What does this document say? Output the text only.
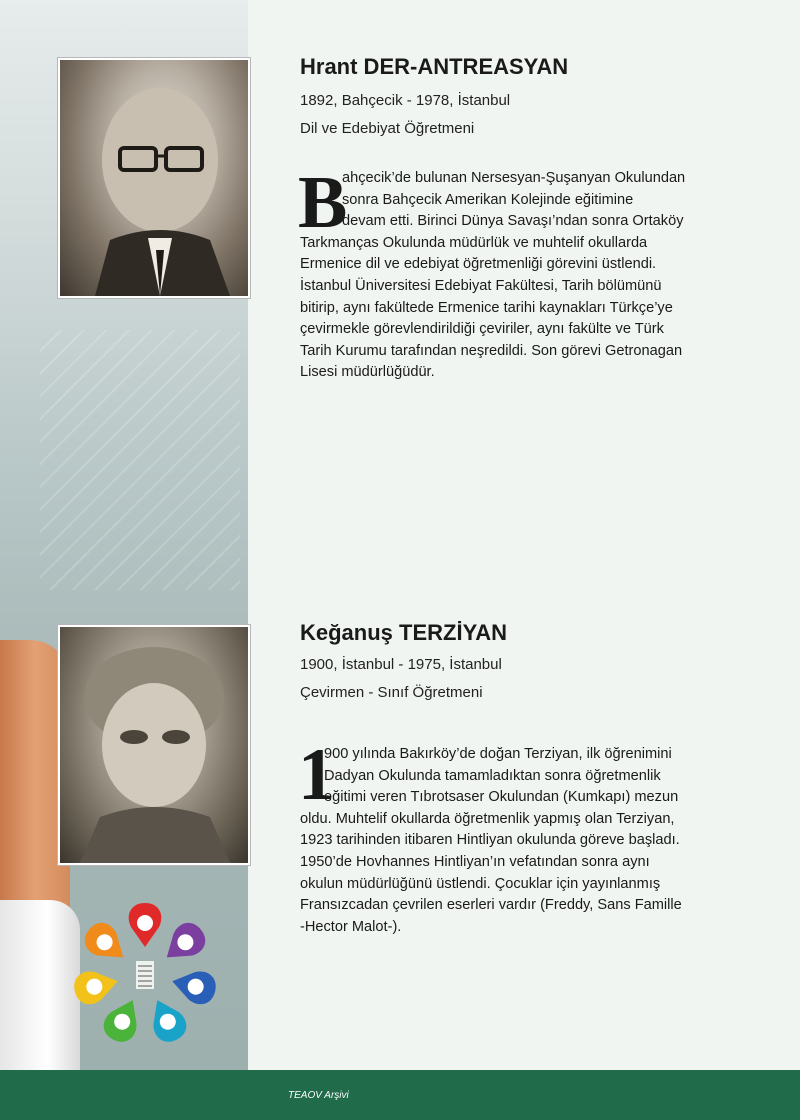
Hrant DER-ANTREASYAN
1892, Bahçecik - 1978, İstanbul
Dil ve Edebiyat Öğretmeni
B
ahçecik’de bulunan Nersesyan-Şuşanyan Okulundan
sonra Bahçecik Amerikan Kolejinde eğitimine
devam etti. Birinci Dünya Savaşı’ndan sonra Ortaköy
Tarkmanças Okulunda müdürlük ve muhtelif okullarda
Ermenice dil ve edebiyat öğretmenliği görevini üstlendi.
İstanbul Üniversitesi Edebiyat Fakültesi, Tarih bölümünü
bitirip, aynı fakültede Ermenice tarihi kaynakları Türkçe’ye
çevirmekle görevlendirildiği çeviriler, aynı fakülte ve Türk
Tarih Kurumu tarafından neşredildi. Son görevi Getronagan
Lisesi müdürlüğüdür.
Keğanuş TERZİYAN
1900, İstanbul - 1975, İstanbul
Çevirmen - Sınıf Öğretmeni
1
900 yılında Bakırköy’de doğan Terziyan, ilk öğrenimini
Dadyan Okulunda tamamladıktan sonra öğretmenlik
eğitimi veren Tıbrotsaser Okulundan (Kumkapı) mezun
oldu. Muhtelif okullarda öğretmenlik yapmış olan Terziyan,
1923 tarihinden itibaren Hintliyan okulunda göreve başladı.
1950’de Hovhannes Hintliyan’ın vefatından sonra aynı
okulun müdürlüğünü üstlendi. Çocuklar için yayınlanmış
Fransızcadan çevrilen eserleri vardır (Freddy, Sans Famille
-Hector Malot-).
TEAOV Arşivi
